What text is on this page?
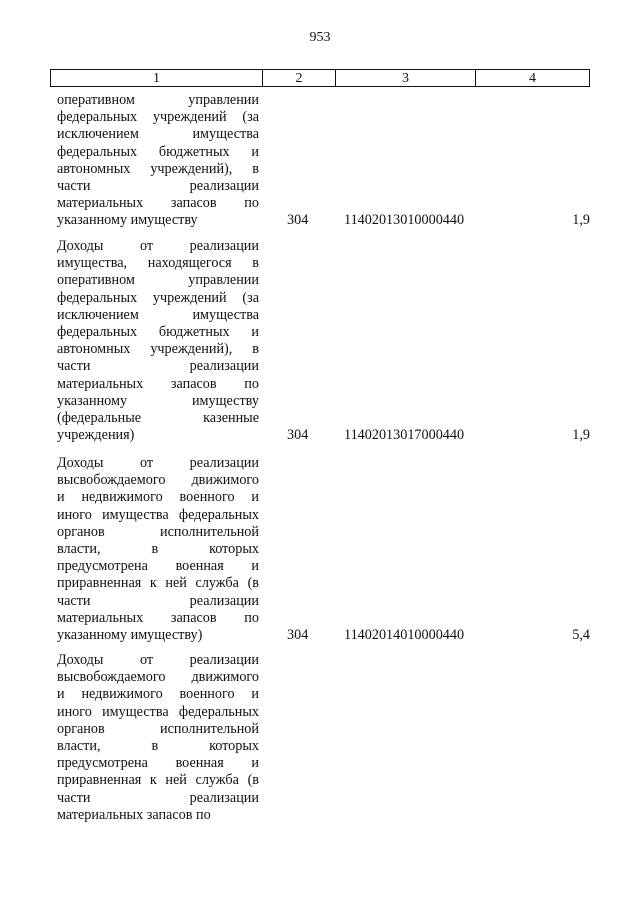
953
1	2	3	4
оперативном управлении
федеральных учреждений (за
исключением имущества
федеральных бюджетных и
автономных учреждений), в
части реализации
материальных запасов по
указанному имуществу	304	11402013010000440	1,9
Доходы от реализации
имущества, находящегося в
оперативном управлении
федеральных учреждений (за
исключением имущества
федеральных бюджетных и
автономных учреждений), в
части реализации
материальных запасов по
указанному имуществу
(федеральные казенные
учреждения)	304	11402013017000440	1,9
Доходы от реализации
высвобождаемого движимого
и недвижимого военного и
иного имущества федеральных
органов исполнительной
власти, в которых
предусмотрена военная и
приравненная к ней служба (в
части реализации
материальных запасов по
указанному имуществу)	304	11402014010000440	5,4
Доходы от реализации
высвобождаемого движимого
и недвижимого военного и
иного имущества федеральных
органов исполнительной
власти, в которых
предусмотрена военная и
приравненная к ней служба (в
части реализации
материальных запасов по
